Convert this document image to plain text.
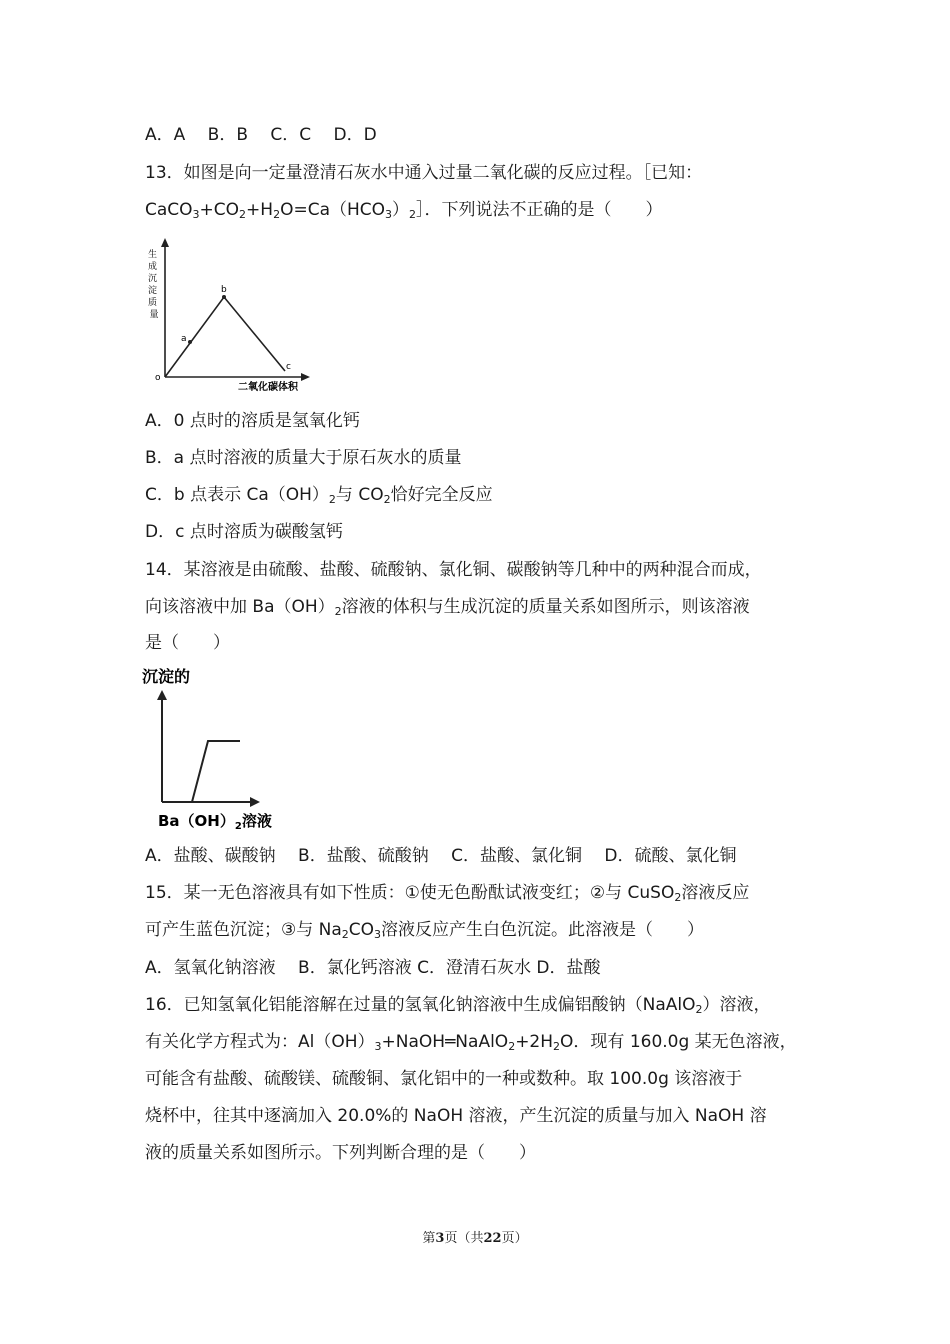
A．A　 B．B　 C．C　 D．D
13．如图是向一定量澄清石灰水中通入过量二氧化碳的反应过程。［已知：
$CaCO_3+CO_2+H_2O=Ca(HCO_3)_2]$．下列说法不正确的是（　　）
生 成 沉 淀 质 量
a
b
c
o
二氧化碳体积
A．0 点时的溶质是氢氧化钙
B．a 点时溶液的质量大于原石灰水的质量
C．b 点表示 $Ca(OH)_2$与 $CO_2$恰好完全反应
D．c 点时溶质为碳酸氢钙
14．某溶液是由硫酸、盐酸、硫酸钠、氯化铜、碳酸钠等几种中的两种混合而成，
向该溶液中加 $Ba(OH)_2$溶液的体积与生成沉淀的质量关系如图所示，则该溶液
是（　　）
沉淀的
$Ba(OH)_2$溶液
A．盐酸、碳酸钠　 B．盐酸、硫酸钠　 C．盐酸、氯化铜　 D．硫酸、氯化铜
15．某一无色溶液具有如下性质：①使无色酚酞试液变红；②与 CuSO$_2$溶液反应
可产生蓝色沉淀；③与 $Na_2CO_3$溶液反应产生白色沉淀。此溶液是（　　）
A．氢氧化钠溶液　 B．氯化钙溶液 C．澄清石灰水 D．盐酸
16．已知氢氧化铝能溶解在过量的氢氧化钠溶液中生成偏铝酸钠（NaAlO$_2$）溶液，
有关化学方程式为：$Al(OH)_3+NaOH═NaAlO_2+2H_2O$．现有 160.0g 某无色溶液，
可能含有盐酸、硫酸镁、硫酸铜、氯化铝中的一种或数种。取 100.0g 该溶液于
烧杯中，往其中逐滴加入 20.0%的 NaOH 溶液，产生沉淀的质量与加入 NaOH 溶
液的质量关系如图所示。下列判断合理的是（　　）
第3页（共22页）
